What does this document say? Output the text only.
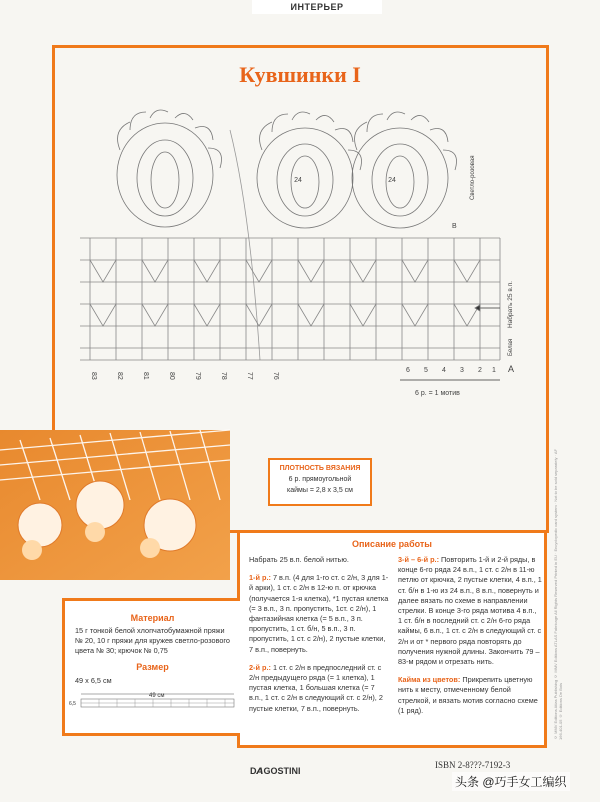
ИНТЕРЬЕР
Кувшинки I
24	24
B
A
6 р. = 1 мотив
83	82	81	80	79	78	77	76
6 5 4 3 2 1
Светло-розовая
Набрать 25 в.п.
Белая
ПЛОТНОСТЬ ВЯЗАНИЯ
6 р. прямоугольной
каймы = 2,8 x 3,5 см
Описание работы
Набрать 25 в.п. белой нитью.
1-й р.: 7 в.п. (4 для 1-го ст. с 2/н, 3 для 1-й арки), 1 ст. с 2/н в 12-ю п. от крючка (получается 1-я клетка), *1 пустая клетка (= 3 в.п., 3 п. пропустить, 1ст. с 2/н), 1 фантазийная клетка (= 5 в.п., 3 п. пропустить, 1 ст. б/н, 5 в.п., 3 п. пропустить, 1 ст. с 2/н), 2 пустые клетки, 7 в.п., повернуть.
2-й р.: 1 ст. с 2/н в предпоследний ст. с 2/н предыдущего ряда (= 1 клетка), 1 пустая клетка, 1 большая клетка (= 7 в.п., 1 ст. с 2/н в следующий ст. с 2/н), 2 пустые клетки, 7 в.п., повернуть.
3-й – 6-й р.: Повторить 1-й и 2-й ряды, в конце 6-го ряда 24 в.п., 1 ст. с 2/н в 11-ю петлю от крючка, 2 пустые клетки, 4 в.п., 1 ст. б/н в 1-ю из 24 в.п., 8 в.п., повернуть и далее вязать по схеме в направлении стрелки. В конце 3-го ряда мотива 4 в.п., 1 ст. б/н в последний ст. с 2/н 6-го ряда каймы, 6 в.п., 1 ст. с 2/н в следующий ст. с 2/н и от * первого ряда повторять до получения нужной длины. Закончить 79 – 83-м рядом и отрезать нить.
Кайма из цветов: Прикрепить цветную нить к месту, отмеченному белой стрелкой, и вязать мотив согласно схеме (1 ряд).
Материал
15 г тонкой белой хлопчатобумажной пряжи № 20, 10 г пряжи для кружев светло-розового цвета № 30; крючок № 0,75
Размер
49 x 6,5 см
49 см
6,5	© MMV Editions Atlas Publishing © MMV Editions ATLAS Fabricage All Rights Reserved Printed in EU · Encyclopedic card system · Not to be sold separately · AF 166-401-05 © Editions De Bois
D𝘼GOSTINI
ISBN 2-8???-7192-3
头条 @巧手女工编织
